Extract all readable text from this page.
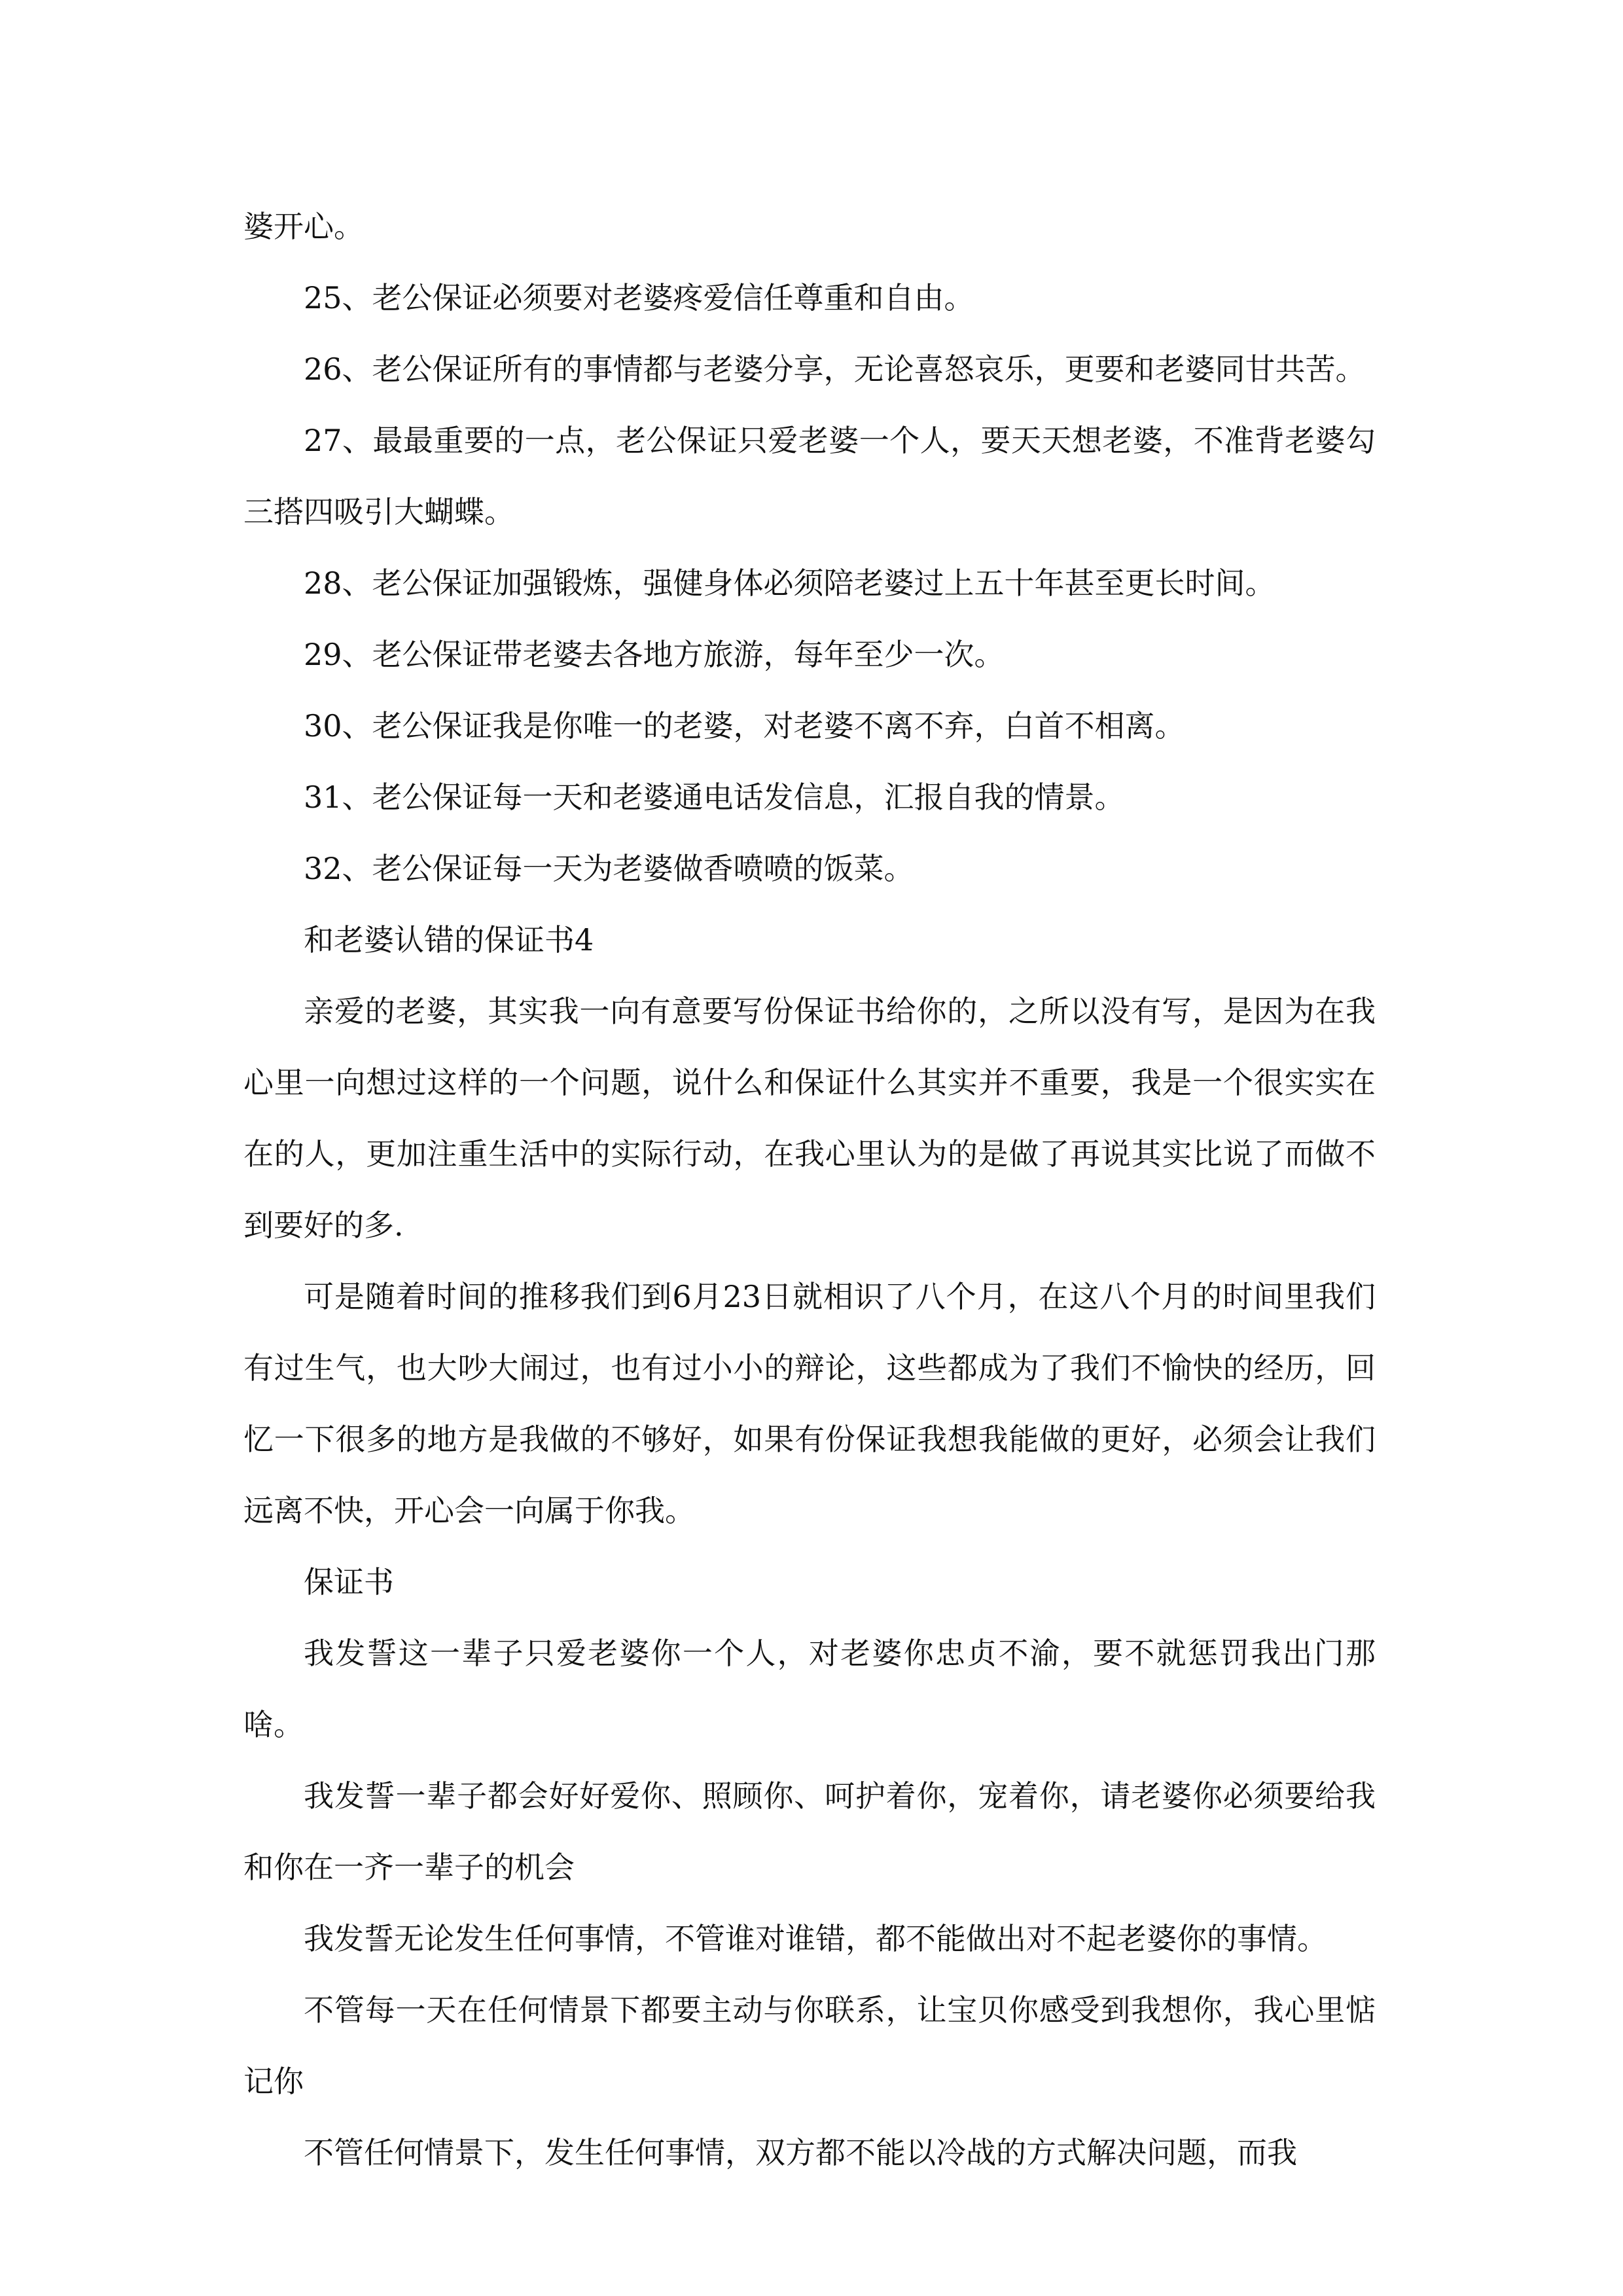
婆开心。

25、老公保证必须要对老婆疼爱信任尊重和自由。

26、老公保证所有的事情都与老婆分享，无论喜怒哀乐，更要和老婆同甘共苦。

27、最最重要的一点，老公保证只爱老婆一个人，要天天想老婆，不准背老婆勾三搭四吸引大蝴蝶。

28、老公保证加强锻炼，强健身体必须陪老婆过上五十年甚至更长时间。

29、老公保证带老婆去各地方旅游，每年至少一次。

30、老公保证我是你唯一的老婆，对老婆不离不弃，白首不相离。

31、老公保证每一天和老婆通电话发信息，汇报自我的情景。

32、老公保证每一天为老婆做香喷喷的饭菜。

和老婆认错的保证书4

亲爱的老婆，其实我一向有意要写份保证书给你的，之所以没有写，是因为在我心里一向想过这样的一个问题，说什么和保证什么其实并不重要，我是一个很实实在在的人，更加注重生活中的实际行动，在我心里认为的是做了再说其实比说了而做不到要好的多.

可是随着时间的推移我们到6月23日就相识了八个月，在这八个月的时间里我们有过生气，也大吵大闹过，也有过小小的辩论，这些都成为了我们不愉快的经历，回忆一下很多的地方是我做的不够好，如果有份保证我想我能做的更好，必须会让我们远离不快，开心会一向属于你我。

保证书

我发誓这一辈子只爱老婆你一个人，对老婆你忠贞不渝，要不就惩罚我出门那啥。

我发誓一辈子都会好好爱你、照顾你、呵护着你，宠着你，请老婆你必须要给我和你在一齐一辈子的机会

我发誓无论发生任何事情，不管谁对谁错，都不能做出对不起老婆你的事情。

不管每一天在任何情景下都要主动与你联系，让宝贝你感受到我想你，我心里惦记你

不管任何情景下，发生任何事情，双方都不能以冷战的方式解决问题，而我
